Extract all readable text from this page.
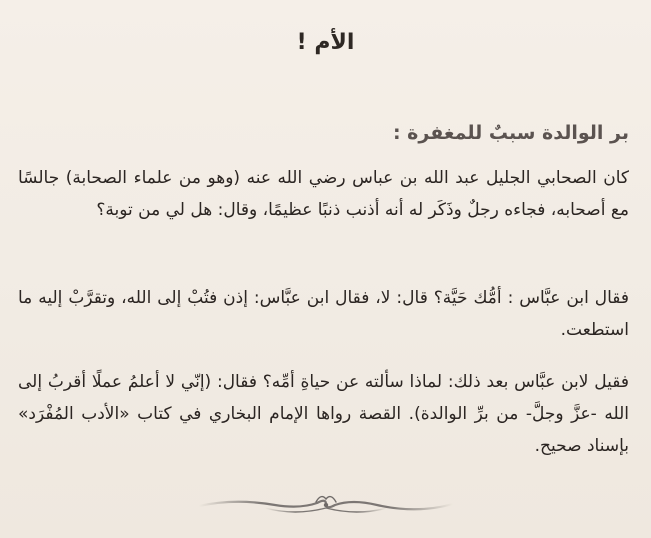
الأم !
بر الوالدة سببٌ للمغفرة :
كان الصحابي الجليل عبد الله بن عباس رضي الله عنه (وهو من علماء الصحابة) جالسًا مع أصحابه، فجاءه رجلٌ وذَكَر له أنه أذنب ذنبًا عظيمًا، وقال: هل لي من توبة؟
فقال ابن عبَّاس : أمُّك حَيَّة؟ قال: لا، فقال ابن عبَّاس: إذن فتُبْ إلى الله، وتقرَّبْ إليه ما استطعت.
فقيل لابن عبَّاس بعد ذلك: لماذا سألته عن حياةِ أمِّه؟ فقال: (إنّي لا أعلمُ عملًا أقربُ إلى الله -عزَّ وجلَّ- من برِّ الوالدة). القصة رواها الإمام البخاري في كتاب «الأدب المُفْرَد» بإسناد صحيح.
